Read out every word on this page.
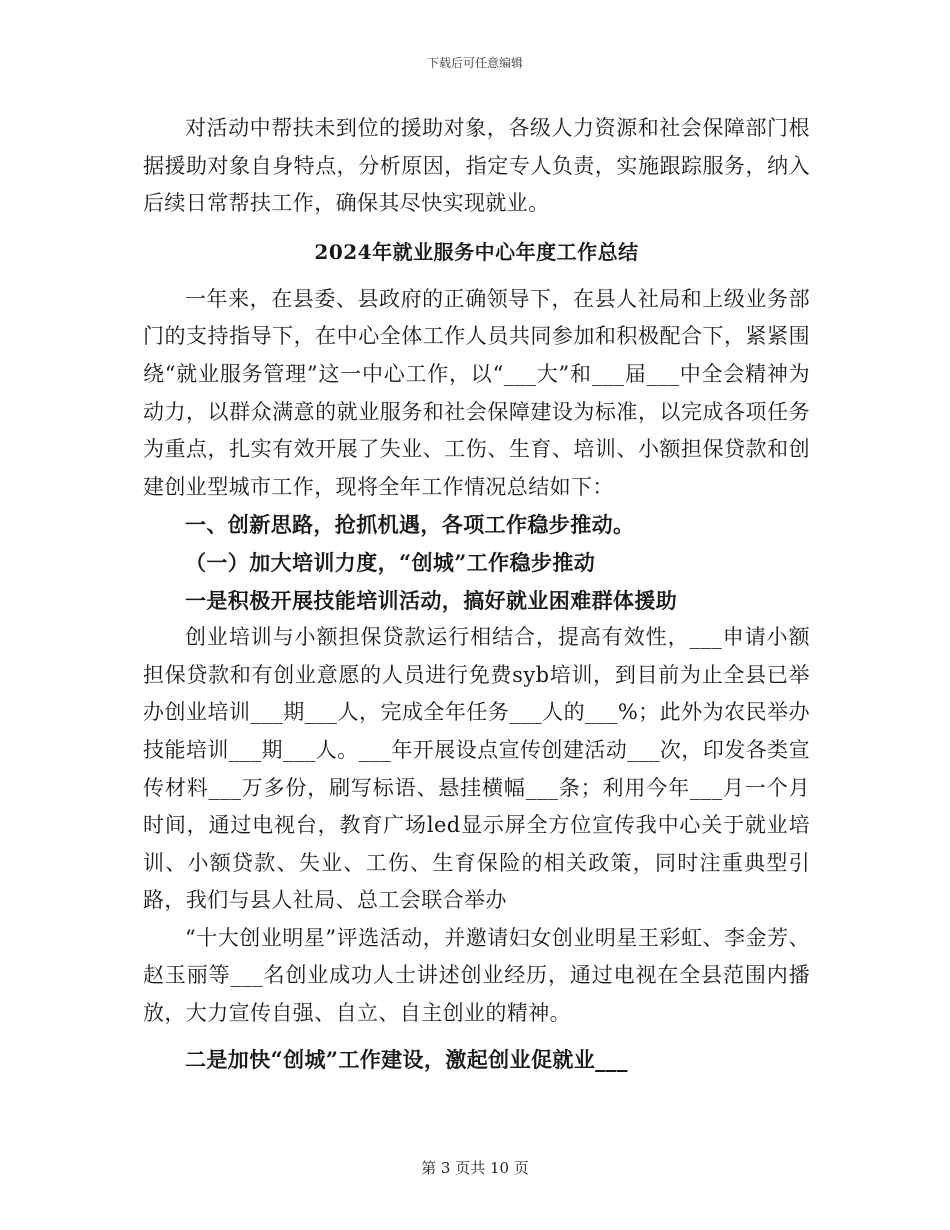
下载后可任意编辑

对活动中帮扶未到位的援助对象，各级人力资源和社会保障部门根据援助对象自身特点，分析原因，指定专人负责，实施跟踪服务，纳入后续日常帮扶工作，确保其尽快实现就业。

2024年就业服务中心年度工作总结

一年来，在县委、县政府的正确领导下，在县人社局和上级业务部门的支持指导下，在中心全体工作人员共同参加和积极配合下，紧紧围绕“就业服务管理”这一中心工作，以“___大”和___届___中全会精神为动力，以群众满意的就业服务和社会保障建设为标准，以完成各项任务为重点，扎实有效开展了失业、工伤、生育、培训、小额担保贷款和创建创业型城市工作，现将全年工作情况总结如下：

一、创新思路，抢抓机遇，各项工作稳步推动。

（一）加大培训力度，“创城”工作稳步推动

一是积极开展技能培训活动，搞好就业困难群体援助

创业培训与小额担保贷款运行相结合，提高有效性，___申请小额担保贷款和有创业意愿的人员进行免费syb培训，到目前为止全县已举办创业培训___期___人，完成全年任务___人的___%；此外为农民举办技能培训___期___人。___年开展设点宣传创建活动___次，印发各类宣传材料___万多份，刷写标语、悬挂横幅___条；利用今年___月一个月时间，通过电视台，教育广场led显示屏全方位宣传我中心关于就业培训、小额贷款、失业、工伤、生育保险的相关政策，同时注重典型引路，我们与县人社局、总工会联合举办

“十大创业明星”评选活动，并邀请妇女创业明星王彩虹、李金芳、赵玉丽等___名创业成功人士讲述创业经历，通过电视在全县范围内播放，大力宣传自强、自立、自主创业的精神。

二是加快“创城”工作建设，激起创业促就业___

第 3 页共 10 页
